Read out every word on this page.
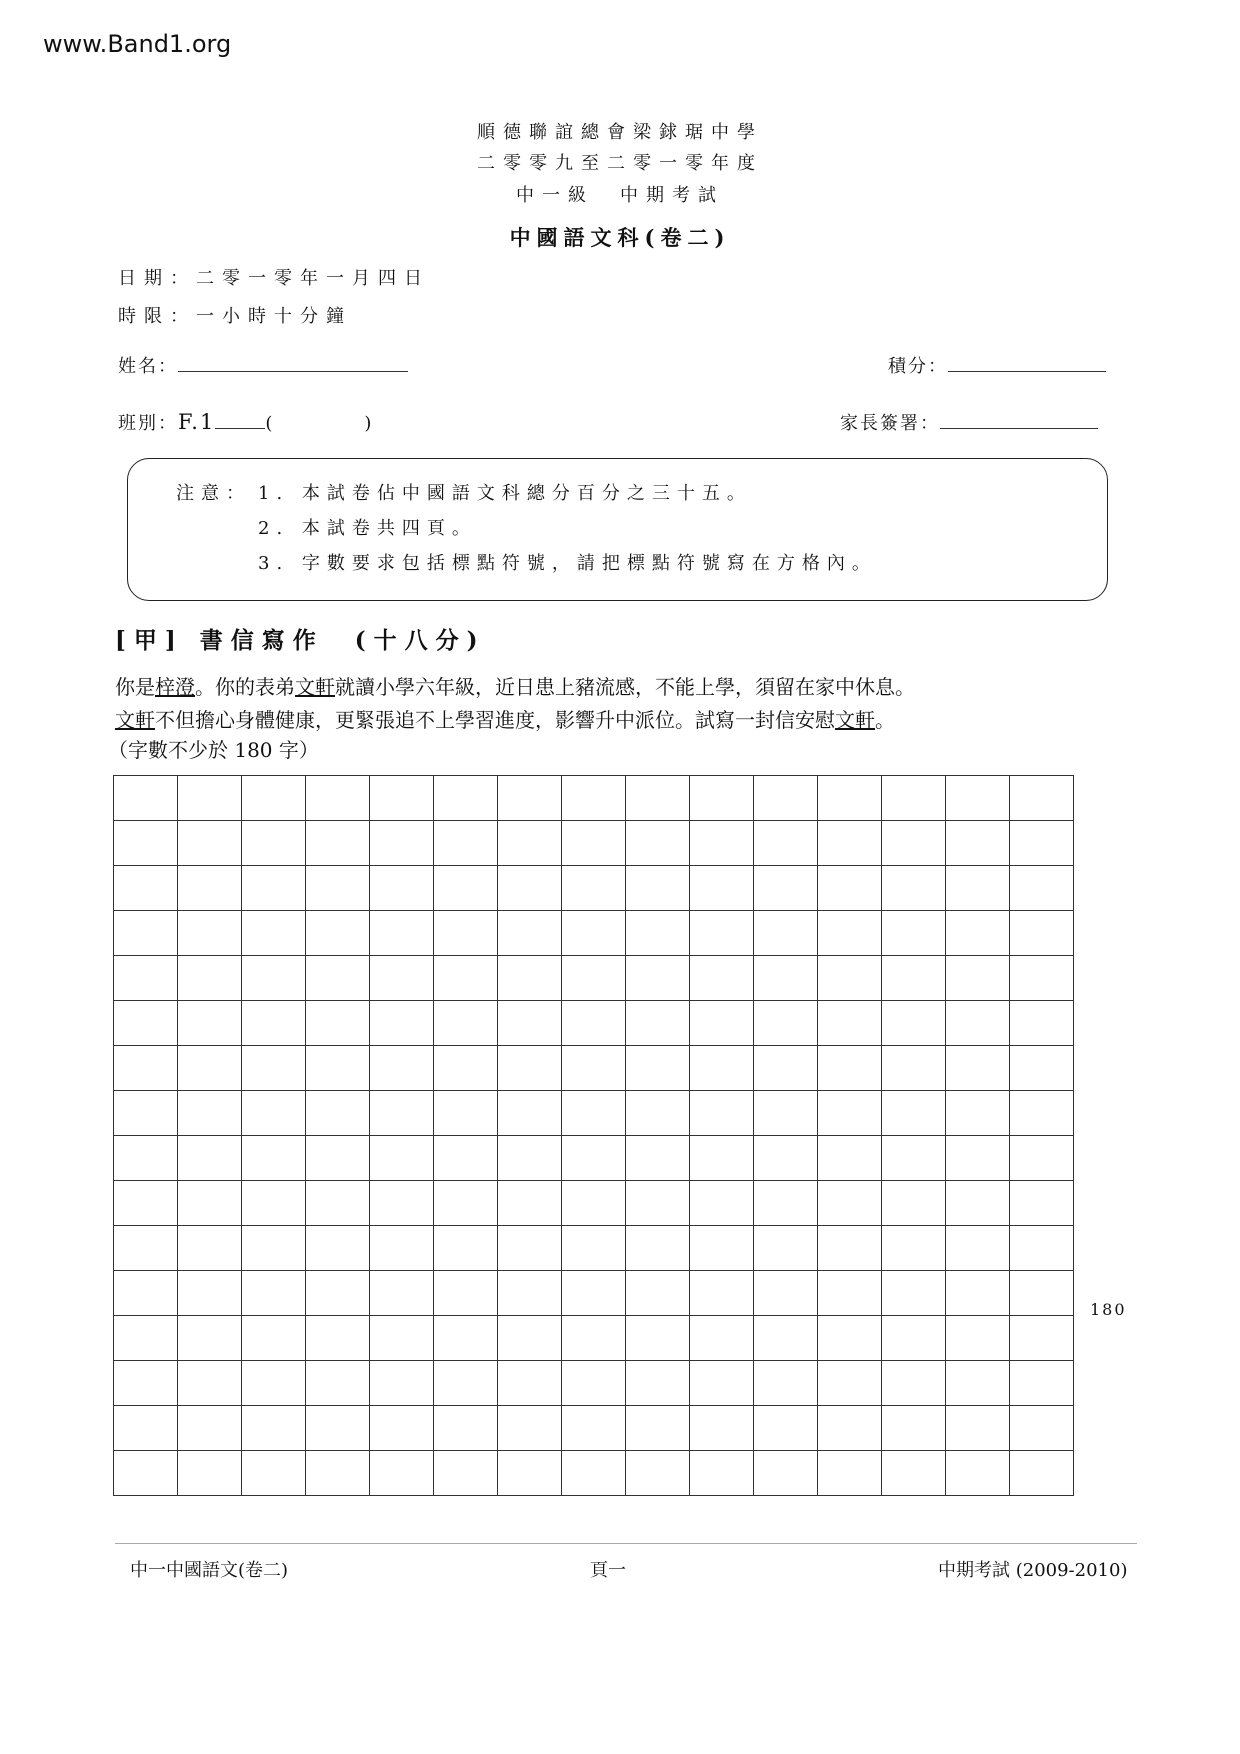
www.Band1.org
順德聯誼總會梁銶琚中學
二零零九至二零一零年度
中一級　中期考試
中國語文科(卷二)
日期：二零一零年一月四日
時限：一小時十分鐘
姓名：	積分：
班別：F.1	(	)	家長簽署：
注意： 1. 本試卷佔中國語文科總分百分之三十五。
2. 本試卷共四頁。
3. 字數要求包括標點符號，請把標點符號寫在方格內。
[甲] 書信寫作　(十八分)
你是梓澄。你的表弟文軒就讀小學六年級，近日患上豬流感，不能上學，須留在家中休息。
文軒不但擔心身體健康，更緊張追不上學習進度，影響升中派位。試寫一封信安慰文軒。
（字數不少於 180 字）

180
中一中國語文(卷二)	頁一	中期考試 (2009-2010)
